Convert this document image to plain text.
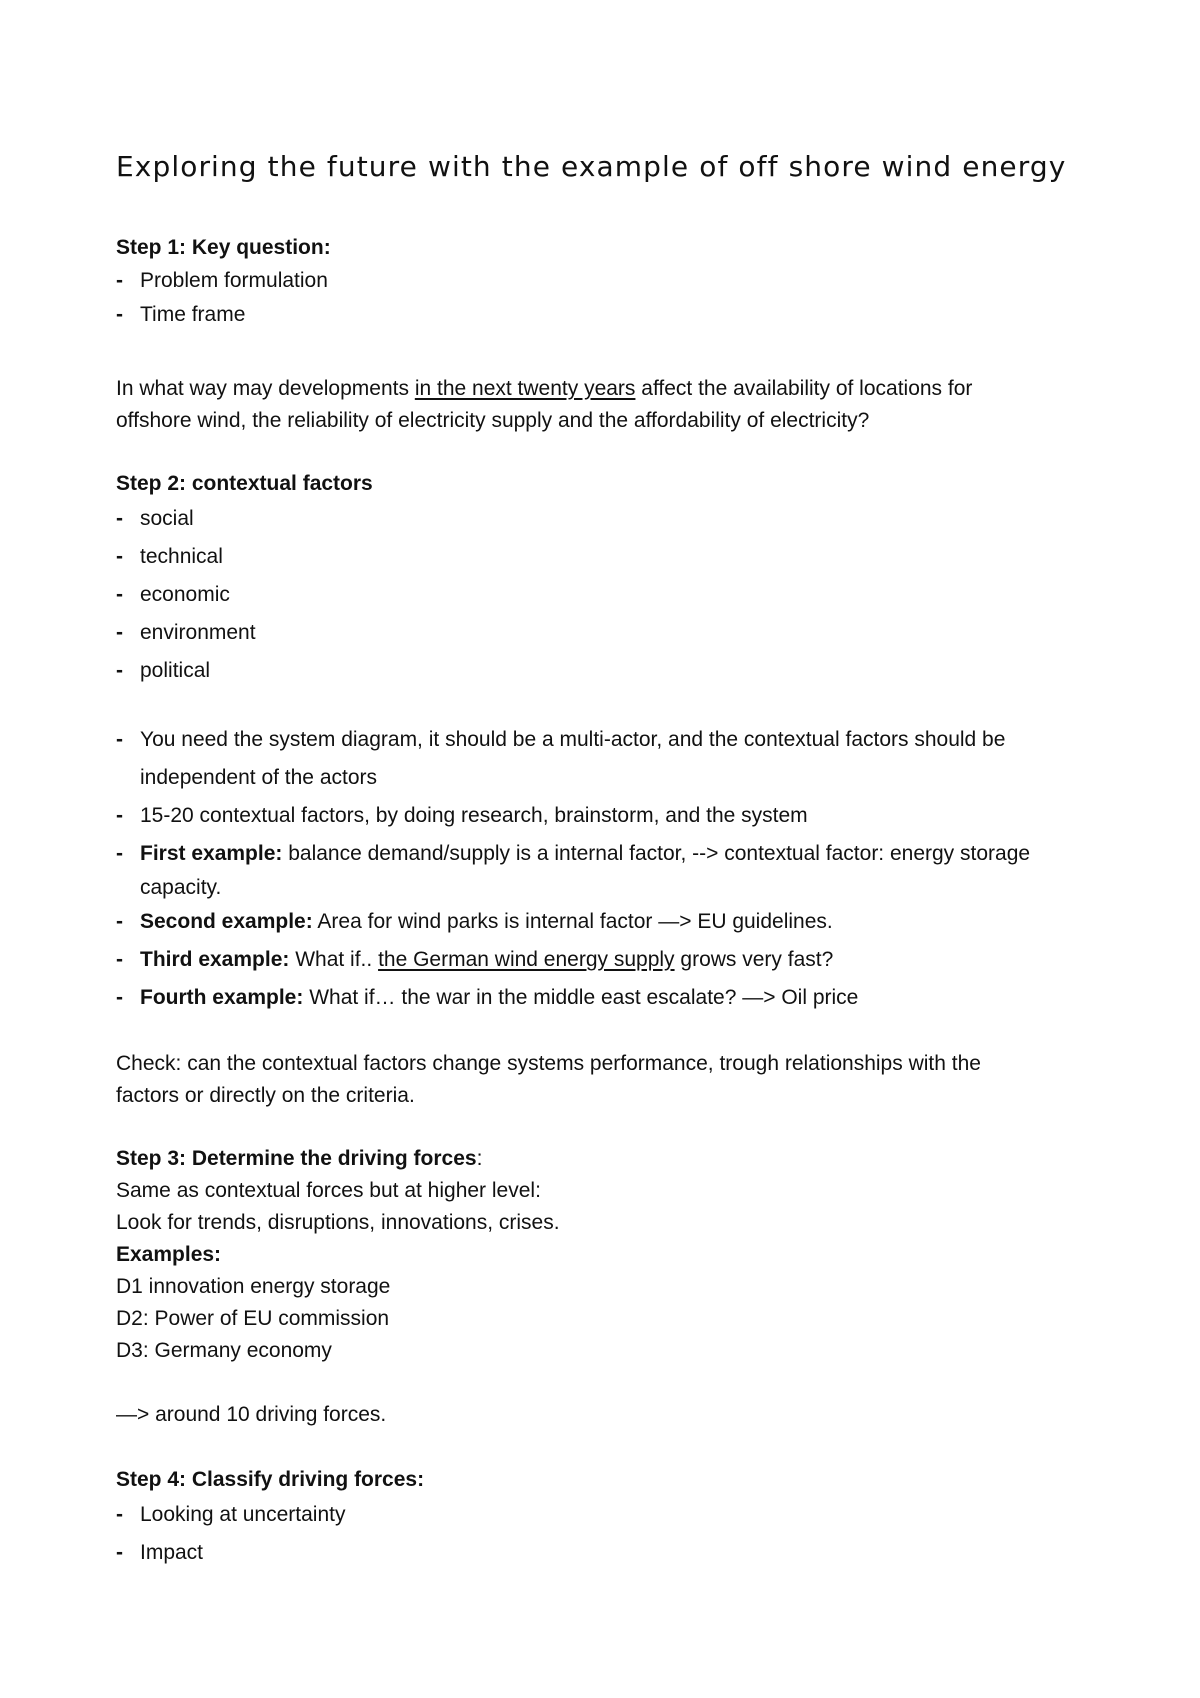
Exploring the future with the example of off shore wind energy
Step 1: Key question:
- Problem formulation
- Time frame
In what way may developments in the next twenty years affect the availability of locations for
offshore wind, the reliability of electricity supply and the affordability of electricity?
Step 2: contextual factors
- social
- technical
- economic
- environment
- political
- You need the system diagram, it should be a multi-actor, and the contextual factors should be
independent of the actors
- 15-20 contextual factors, by doing research, brainstorm, and the system
- First example: balance demand/supply is a internal factor, --> contextual factor: energy storage
capacity.
- Second example: Area for wind parks is internal factor —> EU guidelines.
- Third example: What if.. the German wind energy supply grows very fast?
- Fourth example: What if… the war in the middle east escalate? —> Oil price
Check: can the contextual factors change systems performance, trough relationships with the
factors or directly on the criteria.
Step 3: Determine the driving forces:
Same as contextual forces but at higher level:
Look for trends, disruptions, innovations, crises.
Examples:
D1 innovation energy storage
D2: Power of EU commission
D3: Germany economy
—> around 10 driving forces.
Step 4: Classify driving forces:
- Looking at uncertainty
- Impact
